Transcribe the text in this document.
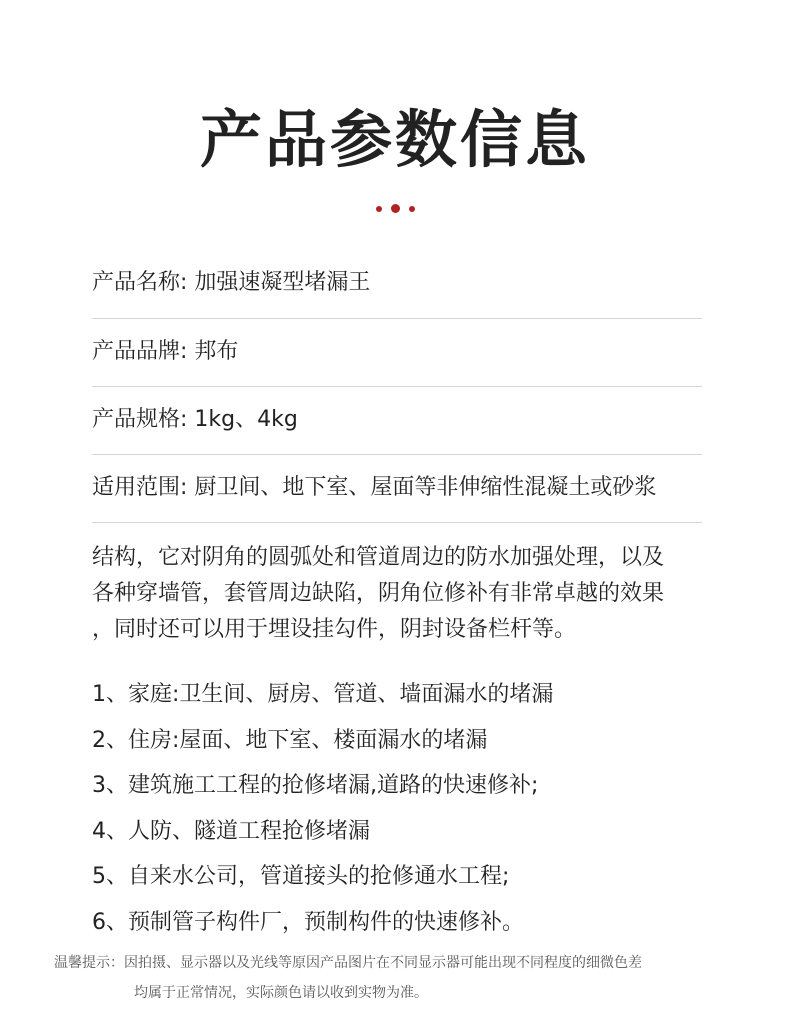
产品参数信息
产品名称: 加强速凝型堵漏王
产品品牌: 邦布
产品规格: 1kg、4kg
适用范围: 厨卫间、地下室、屋面等非伸缩性混凝土或砂浆
结构，它对阴角的圆弧处和管道周边的防水加强处理，以及
各种穿墙管，套管周边缺陷，阴角位修补有非常卓越的效果
，同时还可以用于埋设挂勾件，阴封设备栏杆等。
1、家庭:卫生间、厨房、管道、墙面漏水的堵漏
2、住房:屋面、地下室、楼面漏水的堵漏
3、建筑施工工程的抢修堵漏,道路的快速修补;
4、人防、隧道工程抢修堵漏
5、自来水公司，管道接头的抢修通水工程;
6、预制管子构件厂，预制构件的快速修补。
温馨提示：因拍摄、显示器以及光线等原因产品图片在不同显示器可能出现不同程度的细微色差
均属于正常情况，实际颜色请以收到实物为准。
